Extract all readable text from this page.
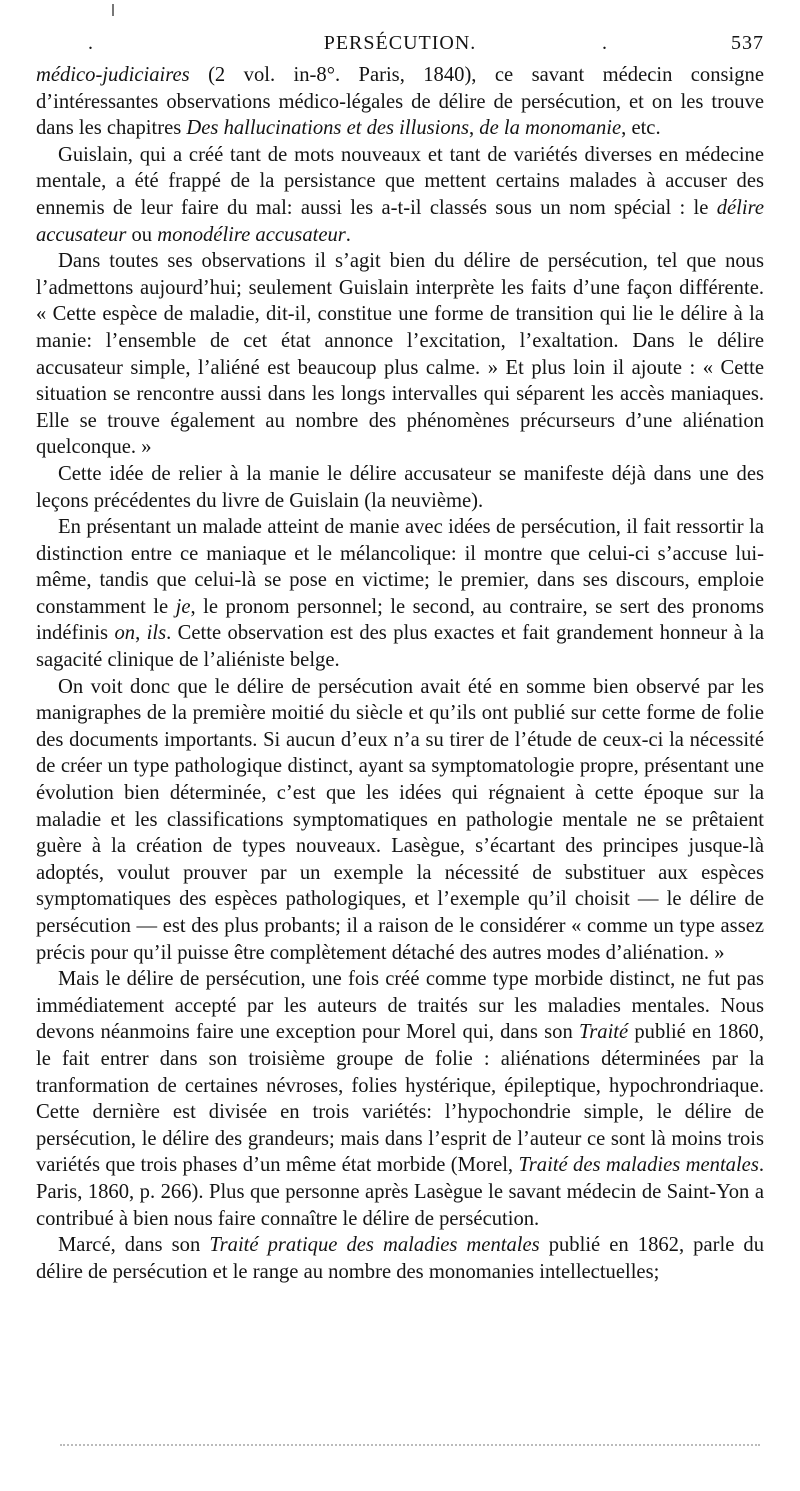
.	PERSÉCUTION.	.	537

médico-judiciaires (2 vol. in-8°. Paris, 1840), ce savant médecin consigne d’intéressantes observations médico-légales de délire de persécution, et on les trouve dans les chapitres Des hallucinations et des illusions, de la monomanie, etc.

Guislain, qui a créé tant de mots nouveaux et tant de variétés diverses en médecine mentale, a été frappé de la persistance que mettent certains malades à accuser des ennemis de leur faire du mal: aussi les a-t-il classés sous un nom spécial : le délire accusateur ou monodélire accusateur.

Dans toutes ses observations il s’agit bien du délire de persécution, tel que nous l’admettons aujourd’hui; seulement Guislain interprète les faits d’une façon différente. « Cette espèce de maladie, dit-il, constitue une forme de transition qui lie le délire à la manie: l’ensemble de cet état annonce l’excitation, l’exaltation. Dans le délire accusateur simple, l’aliéné est beaucoup plus calme. » Et plus loin il ajoute : « Cette situation se rencontre aussi dans les longs intervalles qui séparent les accès maniaques. Elle se trouve également au nombre des phénomènes précurseurs d’une aliénation quelconque. »

Cette idée de relier à la manie le délire accusateur se manifeste déjà dans une des leçons précédentes du livre de Guislain (la neuvième).

En présentant un malade atteint de manie avec idées de persécution, il fait ressortir la distinction entre ce maniaque et le mélancolique: il montre que celui-ci s’accuse lui-même, tandis que celui-là se pose en victime; le premier, dans ses discours, emploie constamment le je, le pronom personnel; le second, au contraire, se sert des pronoms indéfinis on, ils. Cette observation est des plus exactes et fait grandement honneur à la sagacité clinique de l’aliéniste belge.

On voit donc que le délire de persécution avait été en somme bien observé par les manigraphes de la première moitié du siècle et qu’ils ont publié sur cette forme de folie des documents importants. Si aucun d’eux n’a su tirer de l’étude de ceux-ci la nécessité de créer un type pathologique distinct, ayant sa symptomatologie propre, présentant une évolution bien déterminée, c’est que les idées qui régnaient à cette époque sur la maladie et les classifications symptomatiques en pathologie mentale ne se prêtaient guère à la création de types nouveaux. Lasègue, s’écartant des principes jusque-là adoptés, voulut prouver par un exemple la nécessité de substituer aux espèces symptomatiques des espèces pathologiques, et l’exemple qu’il choisit — le délire de persécution — est des plus probants; il a raison de le considérer « comme un type assez précis pour qu’il puisse être complètement détaché des autres modes d’aliénation. »

Mais le délire de persécution, une fois créé comme type morbide distinct, ne fut pas immédiatement accepté par les auteurs de traités sur les maladies mentales. Nous devons néanmoins faire une exception pour Morel qui, dans son Traité publié en 1860, le fait entrer dans son troisième groupe de folie : aliénations déterminées par la tranformation de certaines névroses, folies hystérique, épileptique, hypochrondriaque. Cette dernière est divisée en trois variétés: l’hypochondrie simple, le délire de persécution, le délire des grandeurs; mais dans l’esprit de l’auteur ce sont là moins trois variétés que trois phases d’un même état morbide (Morel, Traité des maladies mentales. Paris, 1860, p. 266). Plus que personne après Lasègue le savant médecin de Saint-Yon a contribué à bien nous faire connaître le délire de persécution.

Marcé, dans son Traité pratique des maladies mentales publié en 1862, parle du délire de persécution et le range au nombre des monomanies intellectuelles;
